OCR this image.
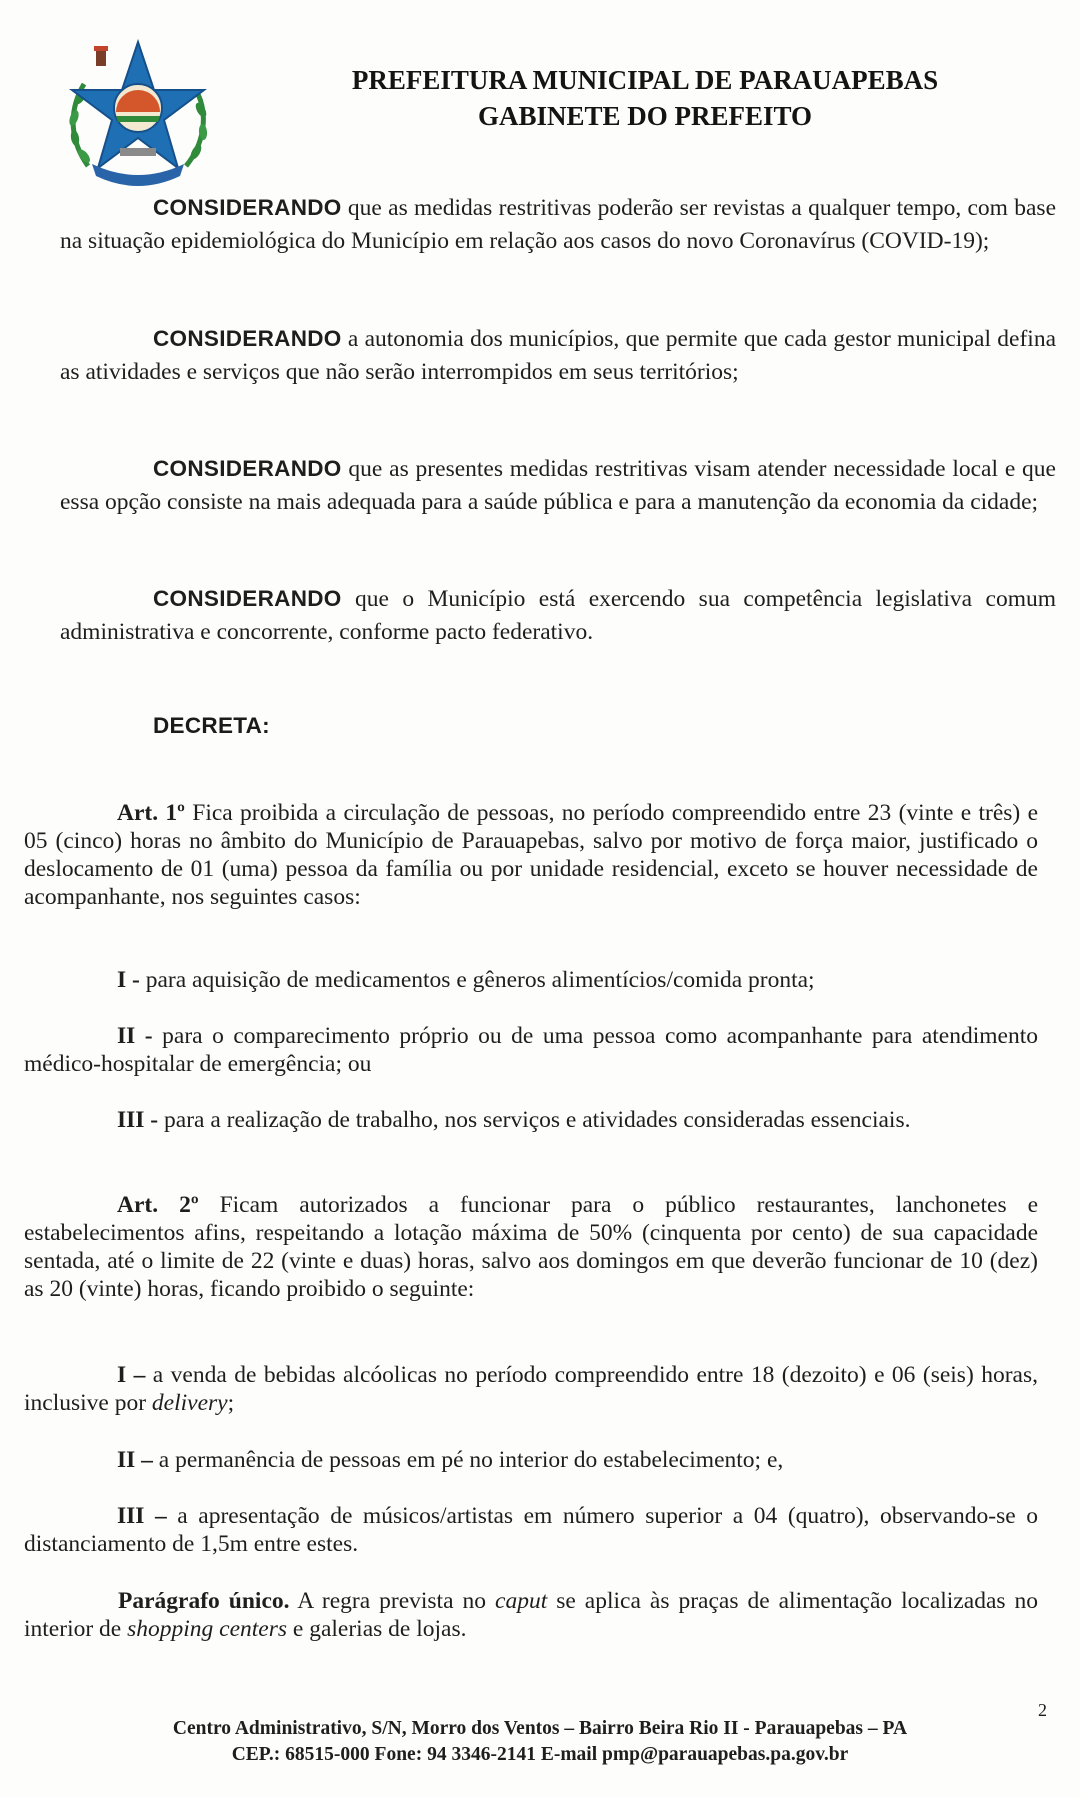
PREFEITURA MUNICIPAL DE PARAUAPEBAS
GABINETE DO PREFEITO

CONSIDERANDO que as medidas restritivas poderão ser revistas a qualquer tempo, com base na situação epidemiológica do Município em relação aos casos do novo Coronavírus (COVID-19);

CONSIDERANDO a autonomia dos municípios, que permite que cada gestor municipal defina as atividades e serviços que não serão interrompidos em seus territórios;

CONSIDERANDO que as presentes medidas restritivas visam atender necessidade local e que essa opção consiste na mais adequada para a saúde pública e para a manutenção da economia da cidade;

CONSIDERANDO que o Município está exercendo sua competência legislativa comum administrativa e concorrente, conforme pacto federativo.

DECRETA:

Art. 1º Fica proibida a circulação de pessoas, no período compreendido entre 23 (vinte e três) e 05 (cinco) horas no âmbito do Município de Parauapebas, salvo por motivo de força maior, justificado o deslocamento de 01 (uma) pessoa da família ou por unidade residencial, exceto se houver necessidade de acompanhante, nos seguintes casos:

I - para aquisição de medicamentos e gêneros alimentícios/comida pronta;

II - para o comparecimento próprio ou de uma pessoa como acompanhante para atendimento médico-hospitalar de emergência; ou

III - para a realização de trabalho, nos serviços e atividades consideradas essenciais.

Art. 2º Ficam autorizados a funcionar para o público restaurantes, lanchonetes e estabelecimentos afins, respeitando a lotação máxima de 50% (cinquenta por cento) de sua capacidade sentada, até o limite de 22 (vinte e duas) horas, salvo aos domingos em que deverão funcionar de 10 (dez) as 20 (vinte) horas, ficando proibido o seguinte:

I – a venda de bebidas alcóolicas no período compreendido entre 18 (dezoito) e 06 (seis) horas, inclusive por delivery;

II – a permanência de pessoas em pé no interior do estabelecimento; e,

III – a apresentação de músicos/artistas em número superior a 04 (quatro), observando-se o distanciamento de 1,5m entre estes.

Parágrafo único. A regra prevista no caput se aplica às praças de alimentação localizadas no interior de shopping centers e galerias de lojas.

2
Centro Administrativo, S/N, Morro dos Ventos – Bairro Beira Rio II - Parauapebas – PA
CEP.: 68515-000 Fone: 94 3346-2141 E-mail pmp@parauapebas.pa.gov.br
